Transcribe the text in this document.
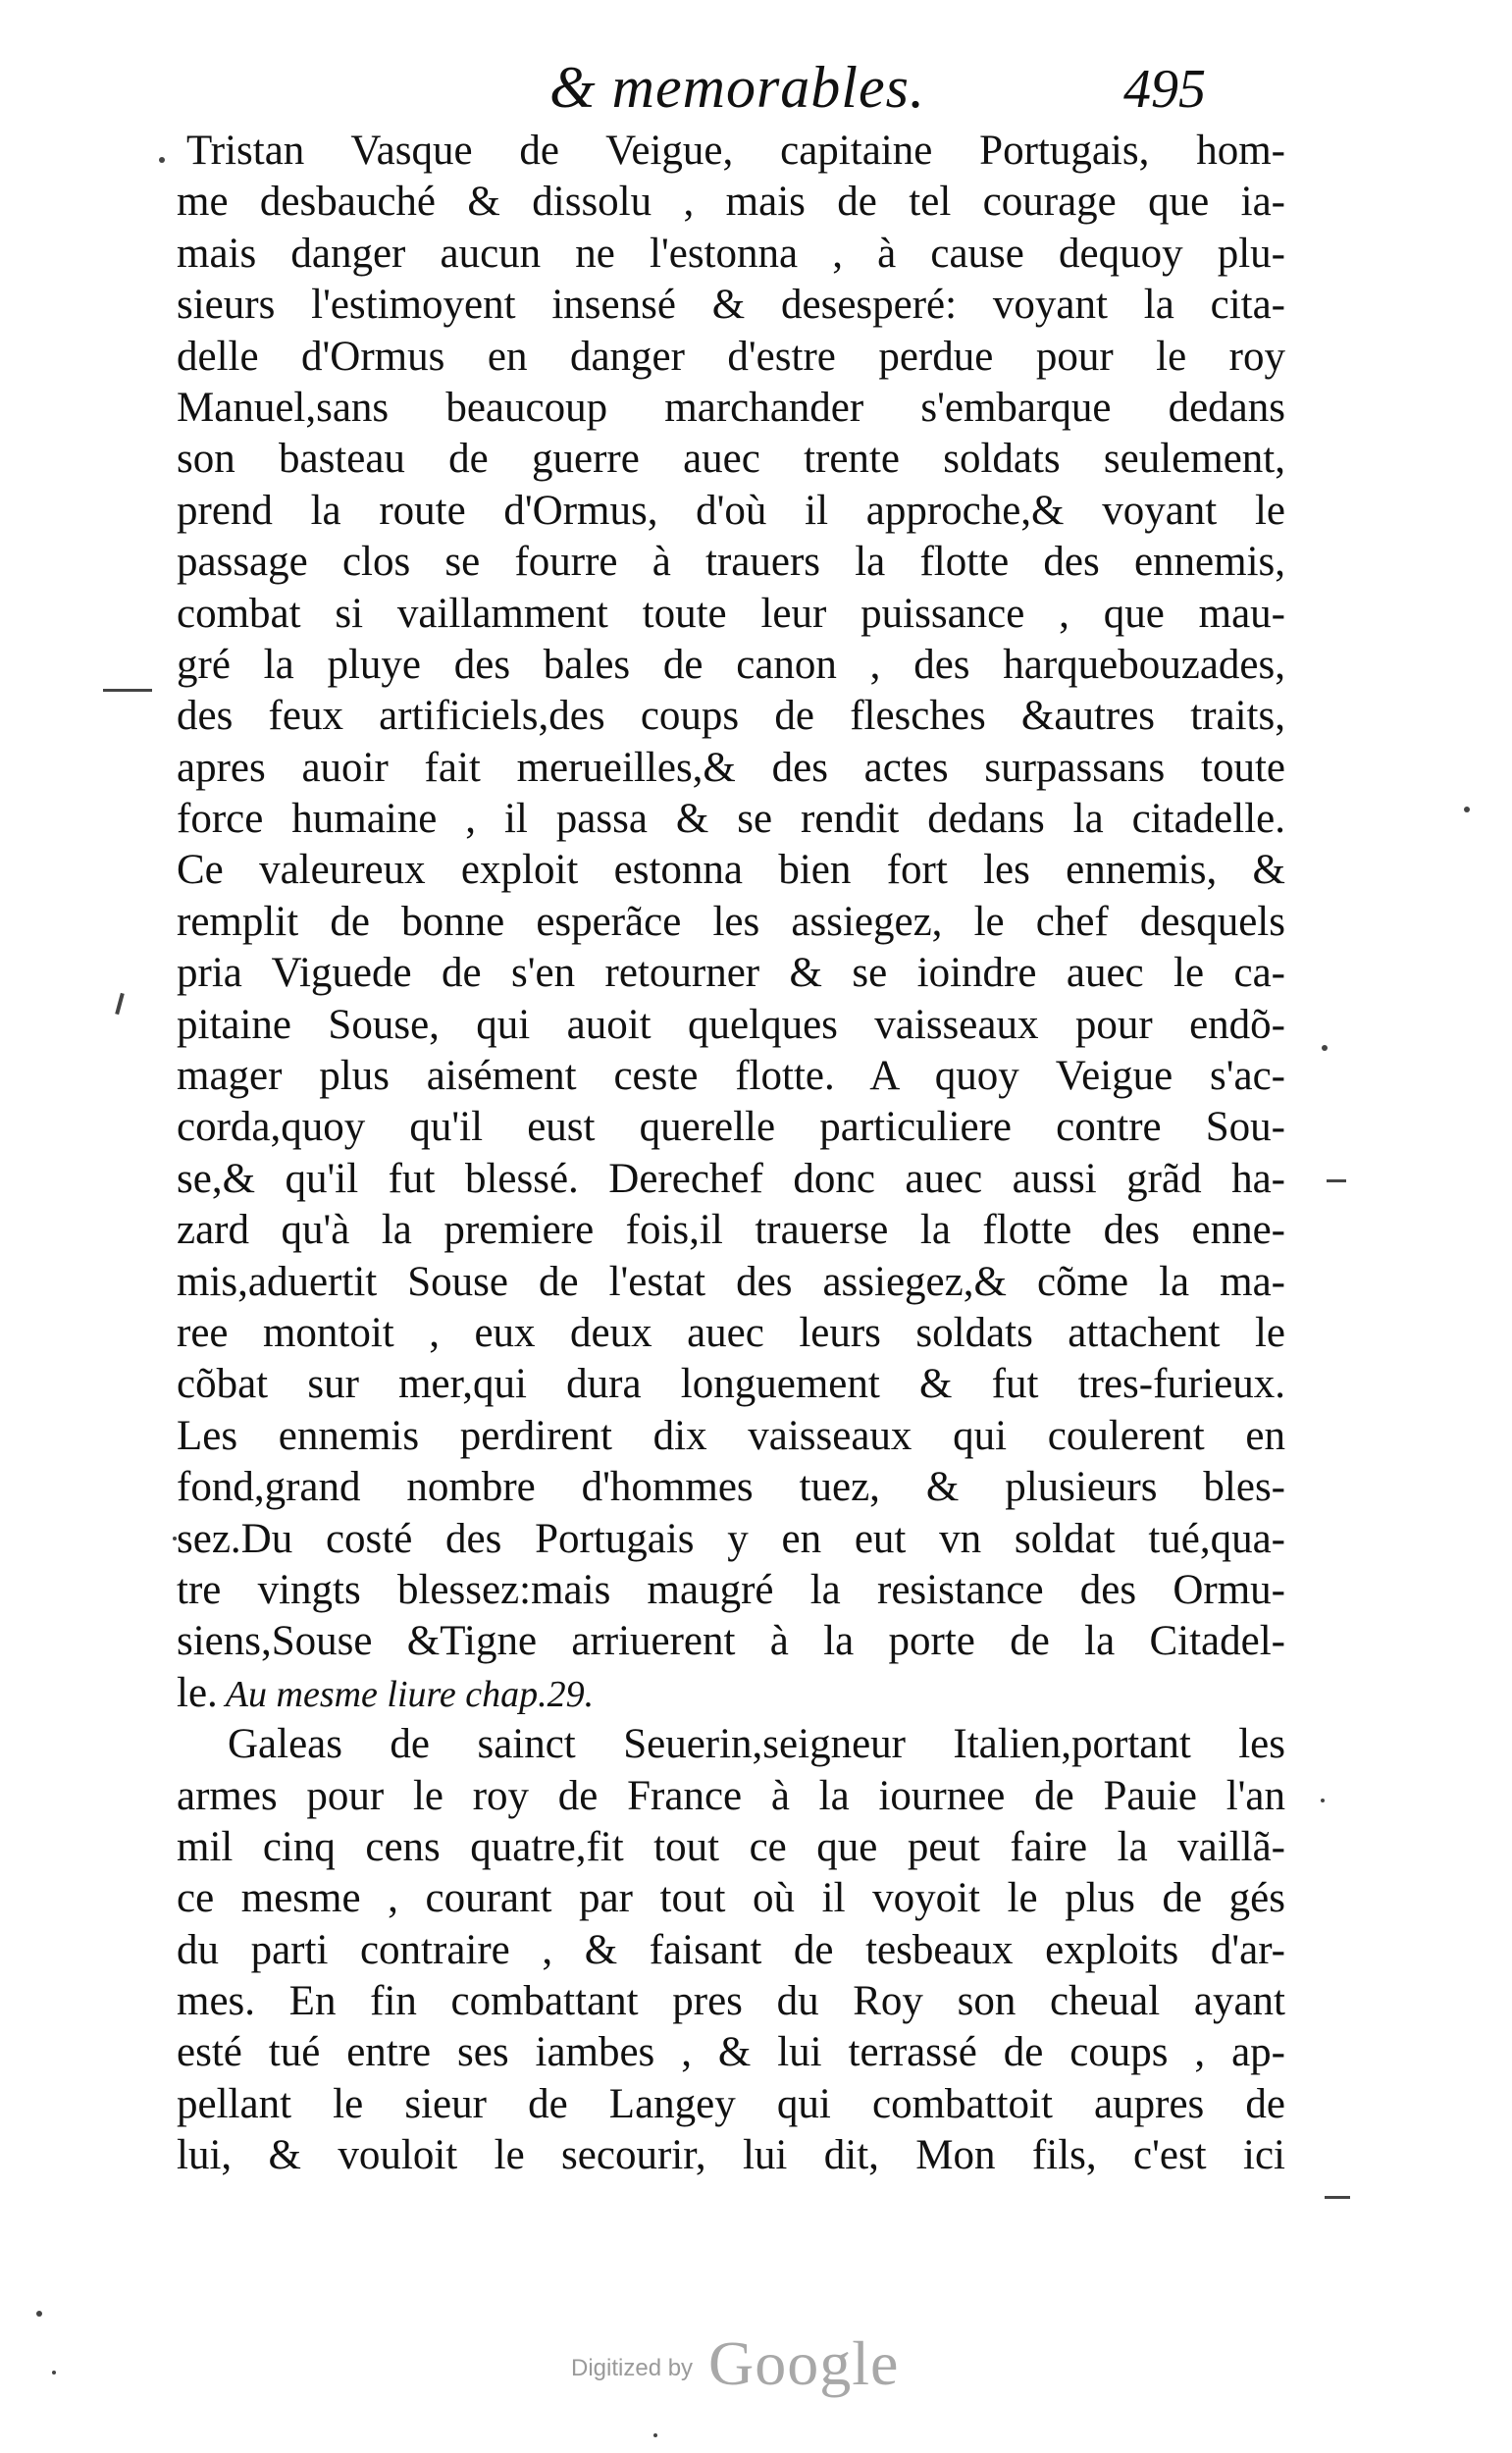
& memorables.	495
Tristan Vasque de Veigue, capitaine Portugais, hom-
me desbauché & dissolu , mais de tel courage que ia-
mais danger aucun ne l'estonna , à cause dequoy plu-
sieurs l'estimoyent insensé & desesperé: voyant la cita-
delle d'Ormus en danger d'estre perdue pour le roy
Manuel,sans beaucoup marchander s'embarque dedans
son basteau de guerre auec trente soldats seulement,
prend la route d'Ormus, d'où il approche,& voyant le
passage clos se fourre à trauers la flotte des ennemis,
combat si vaillamment toute leur puissance , que mau-
gré la pluye des bales de canon , des harquebouzades,
des feux artificiels,des coups de flesches &autres traits,
apres auoir fait merueilles,& des actes surpassans toute
force humaine , il passa & se rendit dedans la citadelle.
Ce valeureux exploit estonna bien fort les ennemis, &
remplit de bonne esperãce les assiegez, le chef desquels
pria Viguede de s'en retourner & se ioindre auec le ca-
pitaine Souse, qui auoit quelques vaisseaux pour endõ-
mager plus aisément ceste flotte. A quoy Veigue s'ac-
corda,quoy qu'il eust querelle particuliere contre Sou-
se,& qu'il fut blessé. Derechef donc auec aussi grãd ha-
zard qu'à la premiere fois,il trauerse la flotte des enne-
mis,aduertit Souse de l'estat des assiegez,& cõme la ma-
ree montoit , eux deux auec leurs soldats attachent le
cõbat sur mer,qui dura longuement & fut tres-furieux.
Les ennemis perdirent dix vaisseaux qui coulerent en
fond,grand nombre d'hommes tuez, & plusieurs bles-
sez.Du costé des Portugais y en eut vn soldat tué,qua-
tre vingts blessez:mais maugré la resistance des Ormu-
siens,Souse &Tigne arriuerent à la porte de la Citadel-
le. Au mesme liure chap.29.
Galeas de sainct Seuerin,seigneur Italien,portant les
armes pour le roy de France à la iournee de Pauie l'an
mil cinq cens quatre,fit tout ce que peut faire la vaillã-
ce mesme , courant par tout où il voyoit le plus de gés
du parti contraire , & faisant de tesbeaux exploits d'ar-
mes. En fin combattant pres du Roy son cheual ayant
esté tué entre ses iambes , & lui terrassé de coups , ap-
pellant le sieur de Langey qui combattoit aupres de
lui, & vouloit le secourir, lui dit, Mon fils, c'est ici
Digitized by Google
